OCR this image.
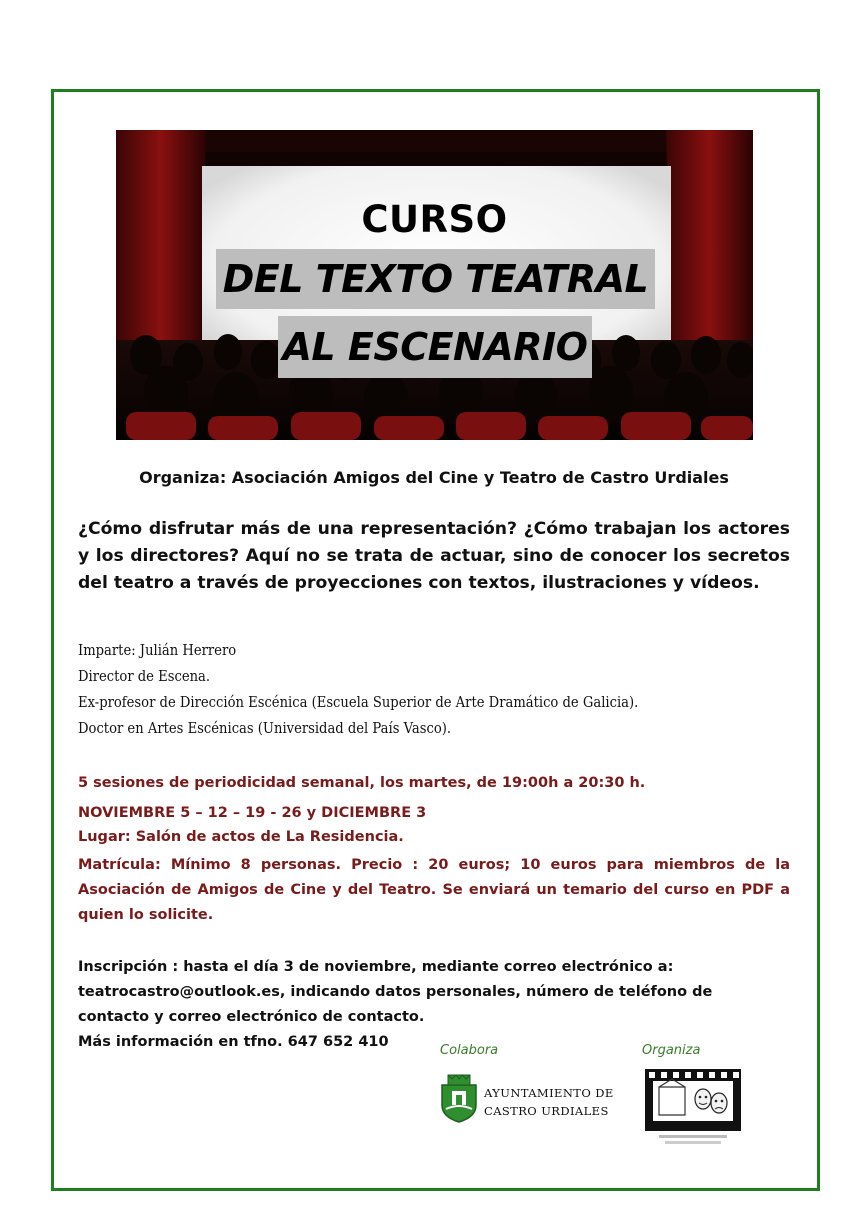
CURSO
DEL TEXTO TEATRAL
AL ESCENARIO
Organiza: Asociación Amigos del Cine y Teatro de Castro Urdiales
¿Cómo disfrutar más de una representación? ¿Cómo trabajan los actores y los directores? Aquí no se trata de actuar, sino de conocer los secretos del teatro a través de proyecciones con textos, ilustraciones y vídeos.
Imparte: Julián Herrero
Director de Escena.
Ex-profesor de Dirección Escénica (Escuela Superior de Arte Dramático de Galicia).
Doctor en Artes Escénicas (Universidad del País Vasco).
5 sesiones de periodicidad semanal, los martes, de 19:00h a 20:30 h.
NOVIEMBRE 5 – 12 – 19 - 26 y DICIEMBRE 3
Lugar: Salón de actos de La Residencia.
Matrícula: Mínimo 8 personas. Precio : 20 euros; 10 euros para miembros de la Asociación de Amigos de Cine y del Teatro. Se enviará un temario del curso en PDF a quien lo solicite.
Inscripción : hasta el día 3 de noviembre, mediante correo electrónico a:
teatrocastro@outlook.es, indicando datos personales, número de teléfono de
contacto y correo electrónico de contacto.
Más información en tfno. 647 652 410
Colabora
AYUNTAMIENTO DE
CASTRO URDIALES
Organiza
